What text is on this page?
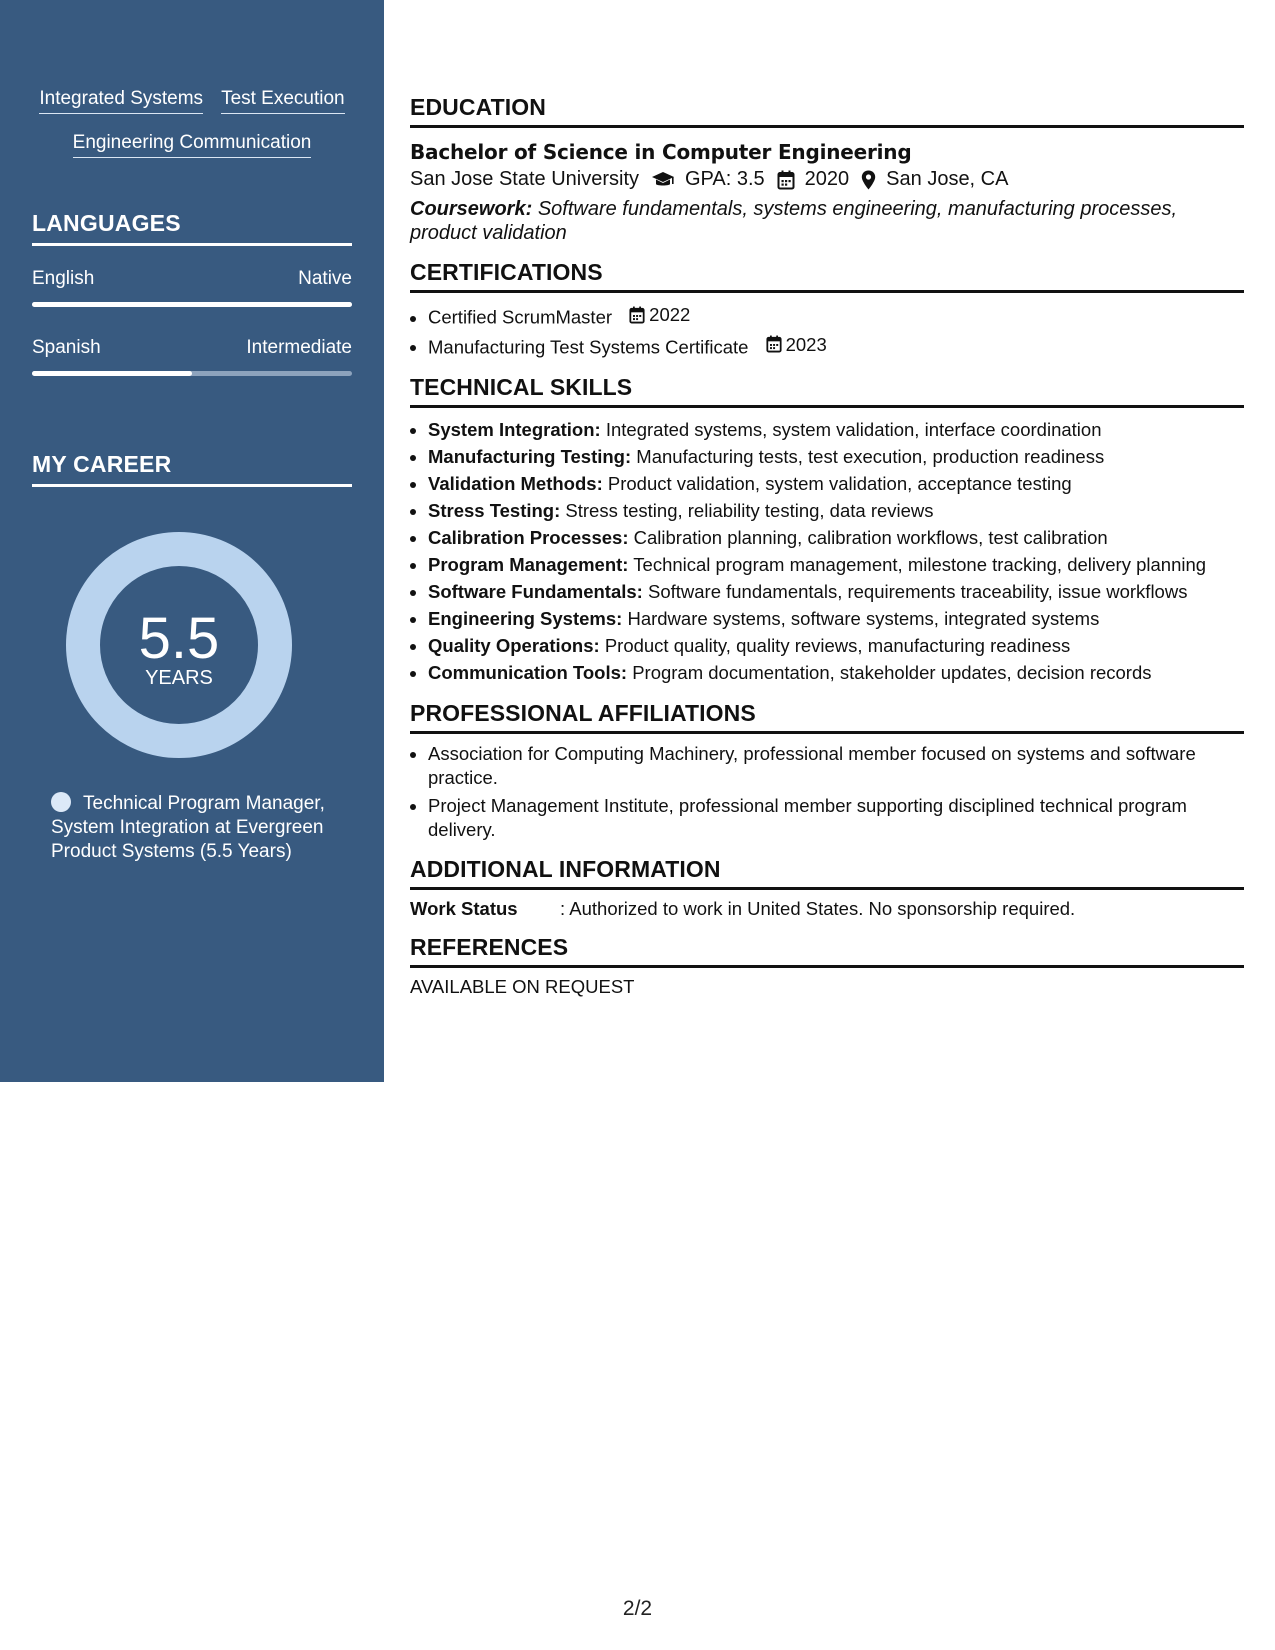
Integrated Systems Test Execution
Engineering Communication
LANGUAGES
English	Native
Spanish	Intermediate
MY CAREER
5.5
YEARS
Technical Program Manager, System Integration at Evergreen Product Systems (5.5 Years)
EDUCATION
Bachelor of Science in Computer Engineering
San Jose State University GPA: 3.5 2020 San Jose, CA
Coursework: Software fundamentals, systems engineering, manufacturing processes, product validation
CERTIFICATIONS
• Certified ScrumMaster 2022
• Manufacturing Test Systems Certificate 2023
TECHNICAL SKILLS
• System Integration: Integrated systems, system validation, interface coordination
• Manufacturing Testing: Manufacturing tests, test execution, production readiness
• Validation Methods: Product validation, system validation, acceptance testing
• Stress Testing: Stress testing, reliability testing, data reviews
• Calibration Processes: Calibration planning, calibration workflows, test calibration
• Program Management: Technical program management, milestone tracking, delivery planning
• Software Fundamentals: Software fundamentals, requirements traceability, issue workflows
• Engineering Systems: Hardware systems, software systems, integrated systems
• Quality Operations: Product quality, quality reviews, manufacturing readiness
• Communication Tools: Program documentation, stakeholder updates, decision records
PROFESSIONAL AFFILIATIONS
• Association for Computing Machinery, professional member focused on systems and software practice.
• Project Management Institute, professional member supporting disciplined technical program delivery.
ADDITIONAL INFORMATION
Work Status	: Authorized to work in United States. No sponsorship required.
REFERENCES
AVAILABLE ON REQUEST
2/2
